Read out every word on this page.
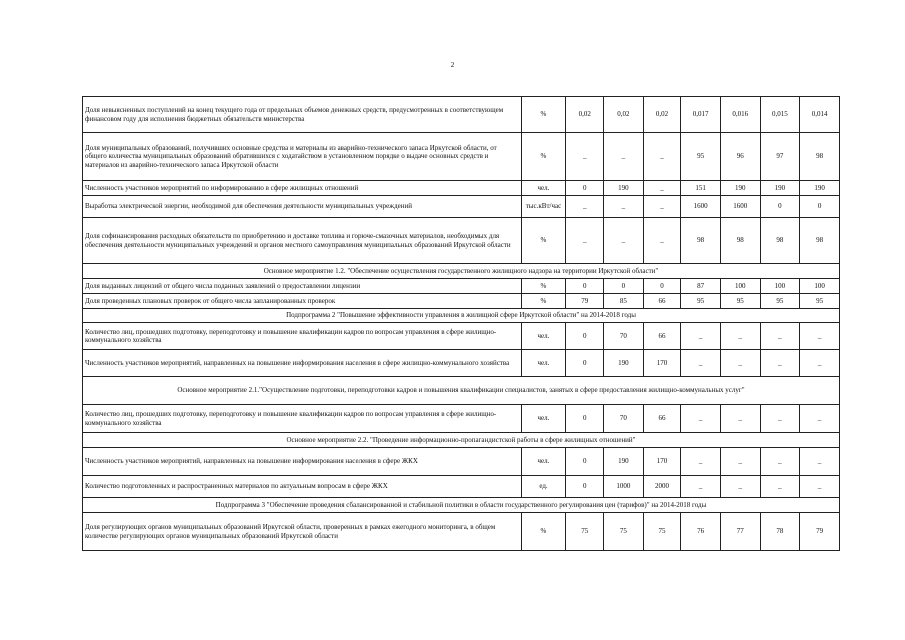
2
Доля невыясненных поступлений на конец текущего года от предельных объемов денежных средств, предусмотренных в соответствующем финансовом году для исполнения бюджетных обязательств министерства	%	0,02	0,02	0,02	0,017	0,016	0,015	0,014
Доля муниципальных образований, получивших основные средства и материалы из аварийно-технического запаса Иркутской области, от общего количества муниципальных образований обратившихся с ходатайством в установленном порядке о выдаче основных средств и материалов из аварийно-технического запаса Иркутской области	%	_	_	_	95	96	97	98
Численность участников мероприятий по информированию в сфере жилищных отношений	чел.	0	190	_	151	190	190	190
Выработка электрической энергии, необходимой для обеспечения деятельности муниципальных учреждений	тыс.кВт/час	_	_	_	1600	1600	0	0
Доля софинансирования расходных обязательств по приобретению и доставке топлива и горюче-смазочных материалов, необходимых для обеспечения деятельности муниципальных учреждений и органов местного самоуправления муниципальных образований Иркутской области	%	_	_	_	98	98	98	98
Основное мероприятие 1.2. "Обеспечение осуществления государственного жилищного надзора на территории Иркутской области"								
Доля выданных лицензий от общего числа поданных заявлений о предоставлении лицензии	%	0	0	0	87	100	100	100
Доля проведенных плановых проверок от общего числа запланированных проверок	%	79	85	66	95	95	95	95
Подпрограмма 2 "Повышение эффективности управления в жилищной сфере Иркутской области" на 2014-2018 годы								
Количество лиц, прошедших подготовку, переподготовку и повышение квалификации кадров по вопросам управления в сфере жилищно-коммунального хозяйства	чел.	0	70	66	_	_	_	_
Численность участников мероприятий, направленных на повышение информирования населения в сфере жилищно-коммунального хозяйства	чел.	0	190	170	_	_	_	_
Основное мероприятие 2.1."Осуществление подготовки, переподготовки кадров и повышения квалификации специалистов, занятых в сфере предоставления жилищно-коммунальных услуг"								
Количество лиц, прошедших подготовку, переподготовку и повышение квалификации кадров по вопросам управления в сфере жилищно-коммунального хозяйства	чел.	0	70	66	_	_	_	_
Основное мероприятие 2.2. "Проведение информационно-пропагандистской работы в сфере жилищных отношений"								
Численность участников мероприятий, направленных на повышение информирования населения в сфере ЖКХ	чел.	0	190	170	_	_	_	_
Количество подготовленных и распространенных материалов по актуальным вопросам в сфере ЖКХ	ед.	0	1000	2000	_	_	_	_
Подпрограмма 3 "Обеспечение проведения сбалансированной и стабильной политики в области государственного регулирования цен (тарифов)" на 2014-2018 годы								
Доля регулирующих органов муниципальных образований Иркутской области, проверенных в рамках ежегодного мониторинга, в общем количестве регулирующих органов муниципальных образований Иркутской области	%	75	75	75	76	77	78	79
